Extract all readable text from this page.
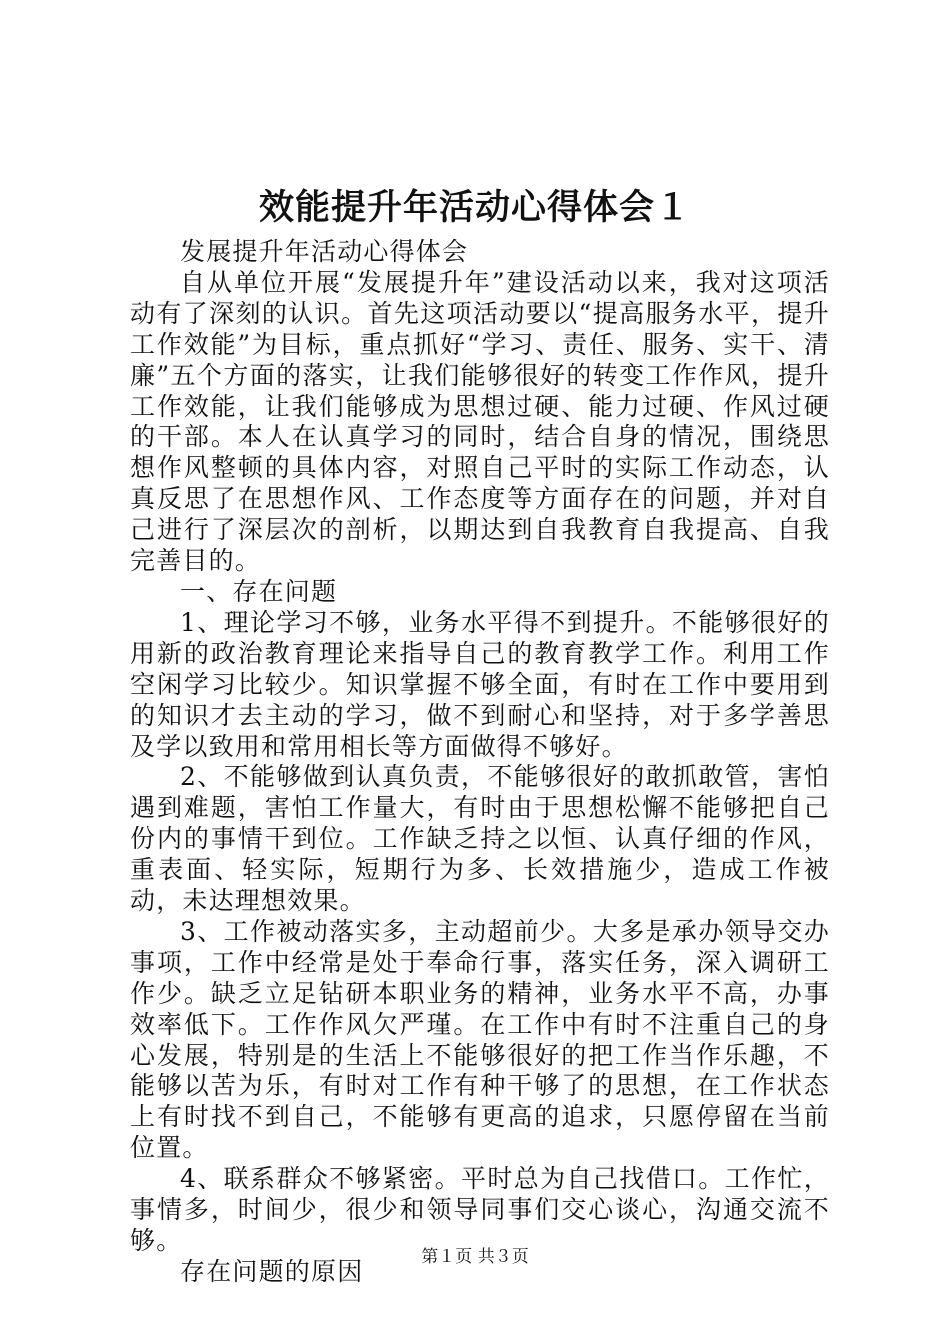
效能提升年活动心得体会１

发展提升年活动心得体会

自从单位开展“发展提升年”建设活动以来，我对这项活动有了深刻的认识。首先这项活动要以“提高服务水平，提升工作效能”为目标，重点抓好“学习、责任、服务、实干、清廉”五个方面的落实，让我们能够很好的转变工作作风，提升工作效能，让我们能够成为思想过硬、能力过硬、作风过硬的干部。本人在认真学习的同时，结合自身的情况，围绕思想作风整顿的具体内容，对照自己平时的实际工作动态，认真反思了在思想作风、工作态度等方面存在的问题，并对自己进行了深层次的剖析，以期达到自我教育自我提高、自我完善目的。

一、存在问题

1、理论学习不够，业务水平得不到提升。不能够很好的用新的政治教育理论来指导自己的教育教学工作。利用工作空闲学习比较少。知识掌握不够全面，有时在工作中要用到的知识才去主动的学习，做不到耐心和坚持，对于多学善思及学以致用和常用相长等方面做得不够好。

2、不能够做到认真负责，不能够很好的敢抓敢管，害怕遇到难题，害怕工作量大，有时由于思想松懈不能够把自己份内的事情干到位。工作缺乏持之以恒、认真仔细的作风，重表面、轻实际，短期行为多、长效措施少，造成工作被动，未达理想效果。

3、工作被动落实多，主动超前少。大多是承办领导交办事项，工作中经常是处于奉命行事，落实任务，深入调研工作少。缺乏立足钻研本职业务的精神，业务水平不高，办事效率低下。工作作风欠严瑾。在工作中有时不注重自己的身心发展，特别是的生活上不能够很好的把工作当作乐趣，不能够以苦为乐，有时对工作有种干够了的思想，在工作状态上有时找不到自己，不能够有更高的追求，只愿停留在当前位置。

4、联系群众不够紧密。平时总为自己找借口。工作忙，事情多，时间少，很少和领导同事们交心谈心，沟通交流不够。

存在问题的原因	第１页 共３页
